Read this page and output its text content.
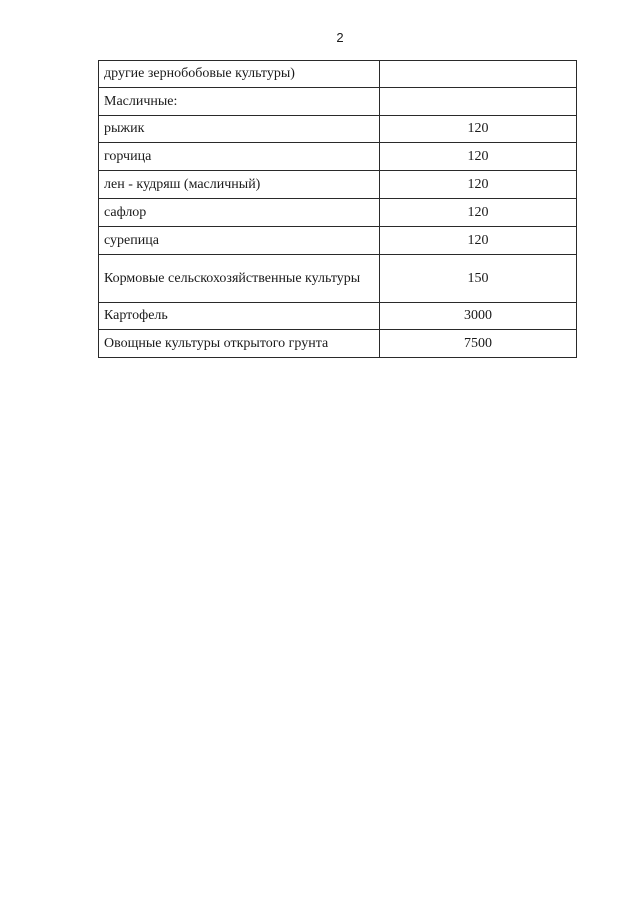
2
другие зернобобовые культуры)	
Масличные:	
рыжик	120
горчица	120
лен - кудряш (масличный)	120
сафлор	120
сурепица	120
Кормовые сельскохозяйственные культуры	150
Картофель	3000
Овощные культуры открытого грунта	7500
